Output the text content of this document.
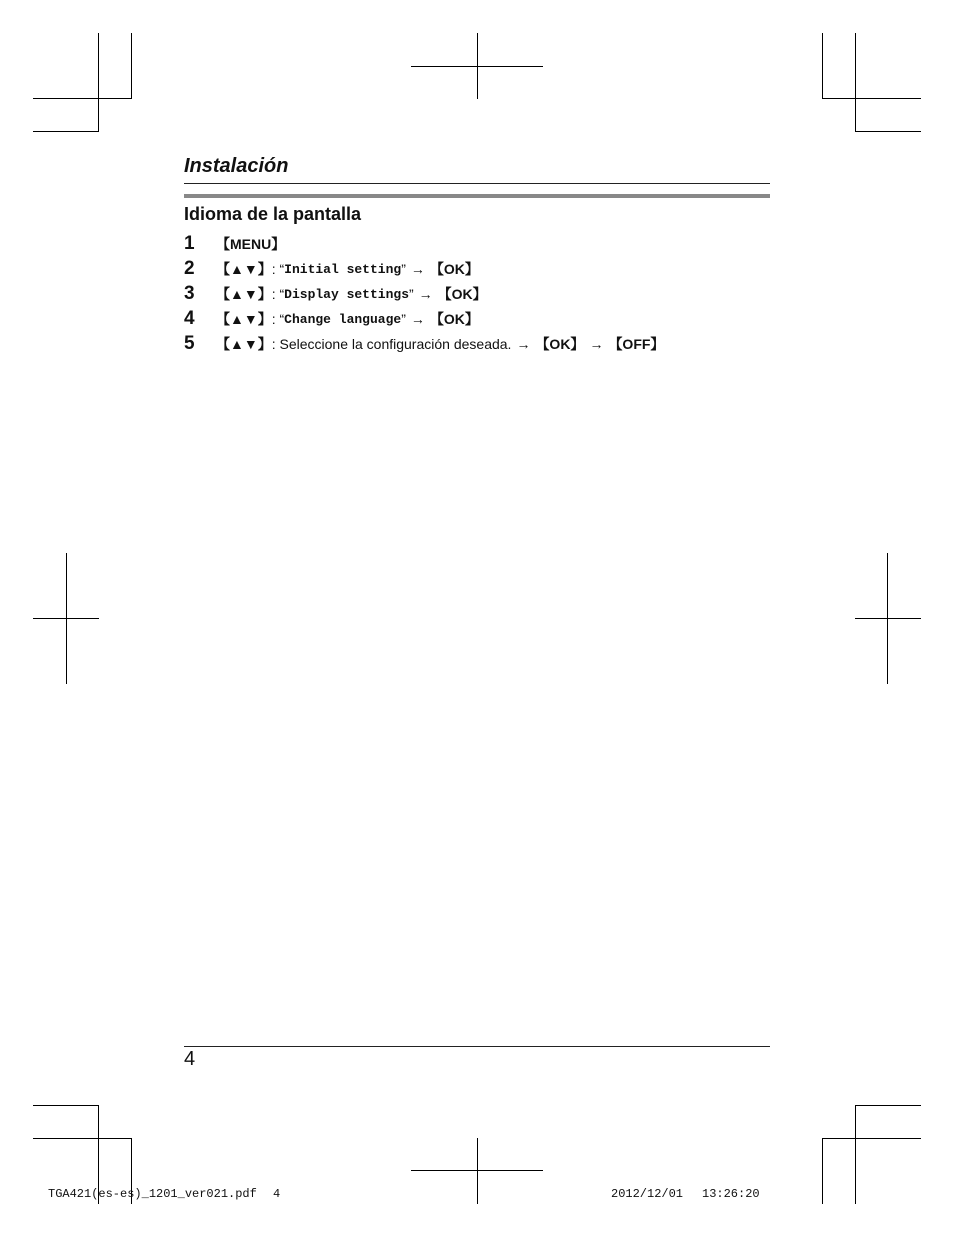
Instalación
Idioma de la pantalla
1	【MENU】
2	【▲▼】 : “ Initial setting ” → 【OK】
3	【▲▼】 : “ Display settings ” → 【OK】
4	【▲▼】 : “ Change language ” → 【OK】
5	【▲▼】 : Seleccione la configuración deseada. → 【OK】 → 【OFF】
4
TGA421(es-es)_1201_ver021.pdf 4	2012/12/01 13:26:20
